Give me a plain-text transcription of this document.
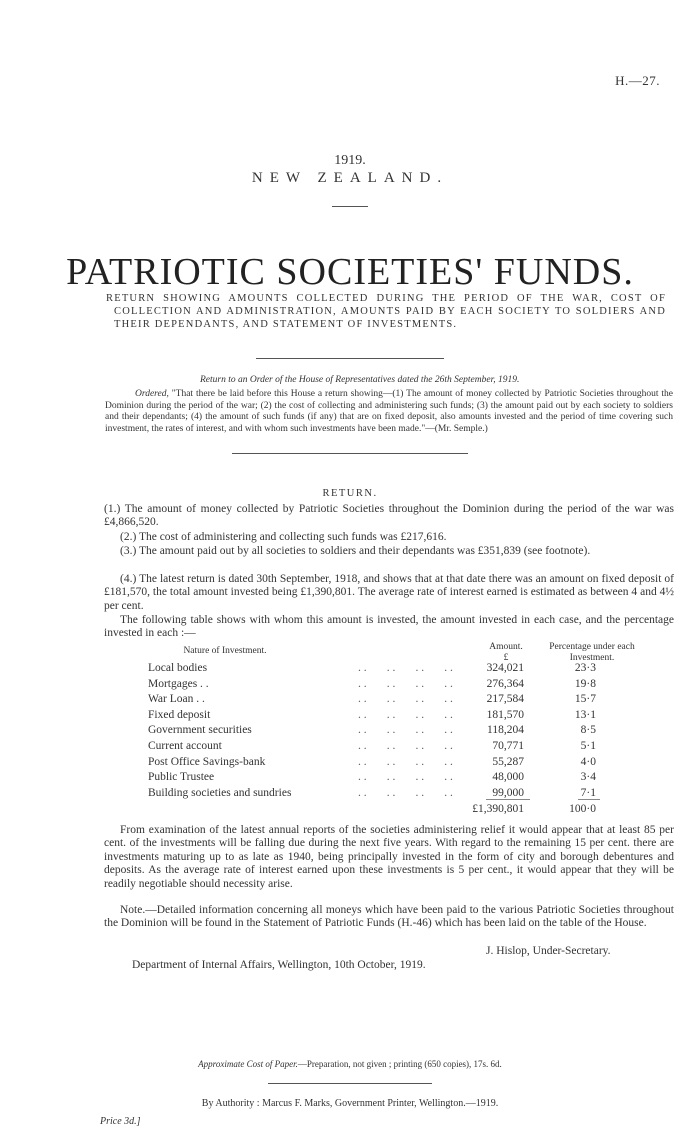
H.—27.
1919.
NEW ZEALAND.
PATRIOTIC SOCIETIES' FUNDS.
RETURN SHOWING AMOUNTS COLLECTED DURING THE PERIOD OF THE WAR, COST OF COLLECTION AND ADMINISTRATION, AMOUNTS PAID BY EACH SOCIETY TO SOLDIERS AND THEIR DEPENDANTS, AND STATEMENT OF INVESTMENTS.
Return to an Order of the House of Representatives dated the 26th September, 1919.
Ordered, "That there be laid before this House a return showing—(1) The amount of money collected by Patriotic Societies throughout the Dominion during the period of the war; (2) the cost of collecting and administering such funds; (3) the amount paid out by each society to soldiers and their dependants; (4) the amount of such funds (if any) that are on fixed deposit, also amounts invested and the period of time covering such investment, the rates of interest, and with whom such investments have been made."—(Mr. Semple.)
RETURN.
(1.) The amount of money collected by Patriotic Societies throughout the Dominion during the period of the war was £4,866,520.
(2.) The cost of administering and collecting such funds was £217,616.
(3.) The amount paid out by all societies to soldiers and their dependants was £351,839 (see footnote).
(4.) The latest return is dated 30th September, 1918, and shows that at that date there was an amount on fixed deposit of £181,570, the total amount invested being £1,390,801. The average rate of interest earned is estimated as between 4 and 4½ per cent.
The following table shows with whom this amount is invested, the amount invested in each case, and the percentage invested in each :—
Nature of Investment.	Amount.
£
Percentage under each Investment.
Local bodies	. .       . .       . .       . .	324,021	23·3
Mortgages . .	. .       . .       . .       . .	276,364	19·8
War Loan . .	. .       . .       . .       . .	217,584	15·7
Fixed deposit	. .       . .       . .       . .	181,570	13·1
Government securities	. .       . .       . .       . .	118,204	8·5
Current account	. .       . .       . .       . .	70,771	5·1
Post Office Savings-bank	. .       . .       . .       . .	55,287	4·0
Public Trustee	. .       . .       . .       . .	48,000	3·4
Building societies and sundries	. .       . .       . .       . .	99,000	7·1
£1,390,801	100·0
From examination of the latest annual reports of the societies administering relief it would appear that at least 85 per cent. of the investments will be falling due during the next five years. With regard to the remaining 15 per cent. there are investments maturing up to as late as 1940, being principally invested in the form of city and borough debentures and deposits. As the average rate of interest earned upon these investments is 5 per cent., it would appear that they will be readily negotiable should necessity arise.
Note.—Detailed information concerning all moneys which have been paid to the various Patriotic Societies throughout the Dominion will be found in the Statement of Patriotic Funds (H.-46) which has been laid on the table of the House.
J. Hislop, Under-Secretary.
Department of Internal Affairs, Wellington, 10th October, 1919.
Approximate Cost of Paper.—Preparation, not given ; printing (650 copies), 17s. 6d.
By Authority : Marcus F. Marks, Government Printer, Wellington.—1919.
Price 3d.]
